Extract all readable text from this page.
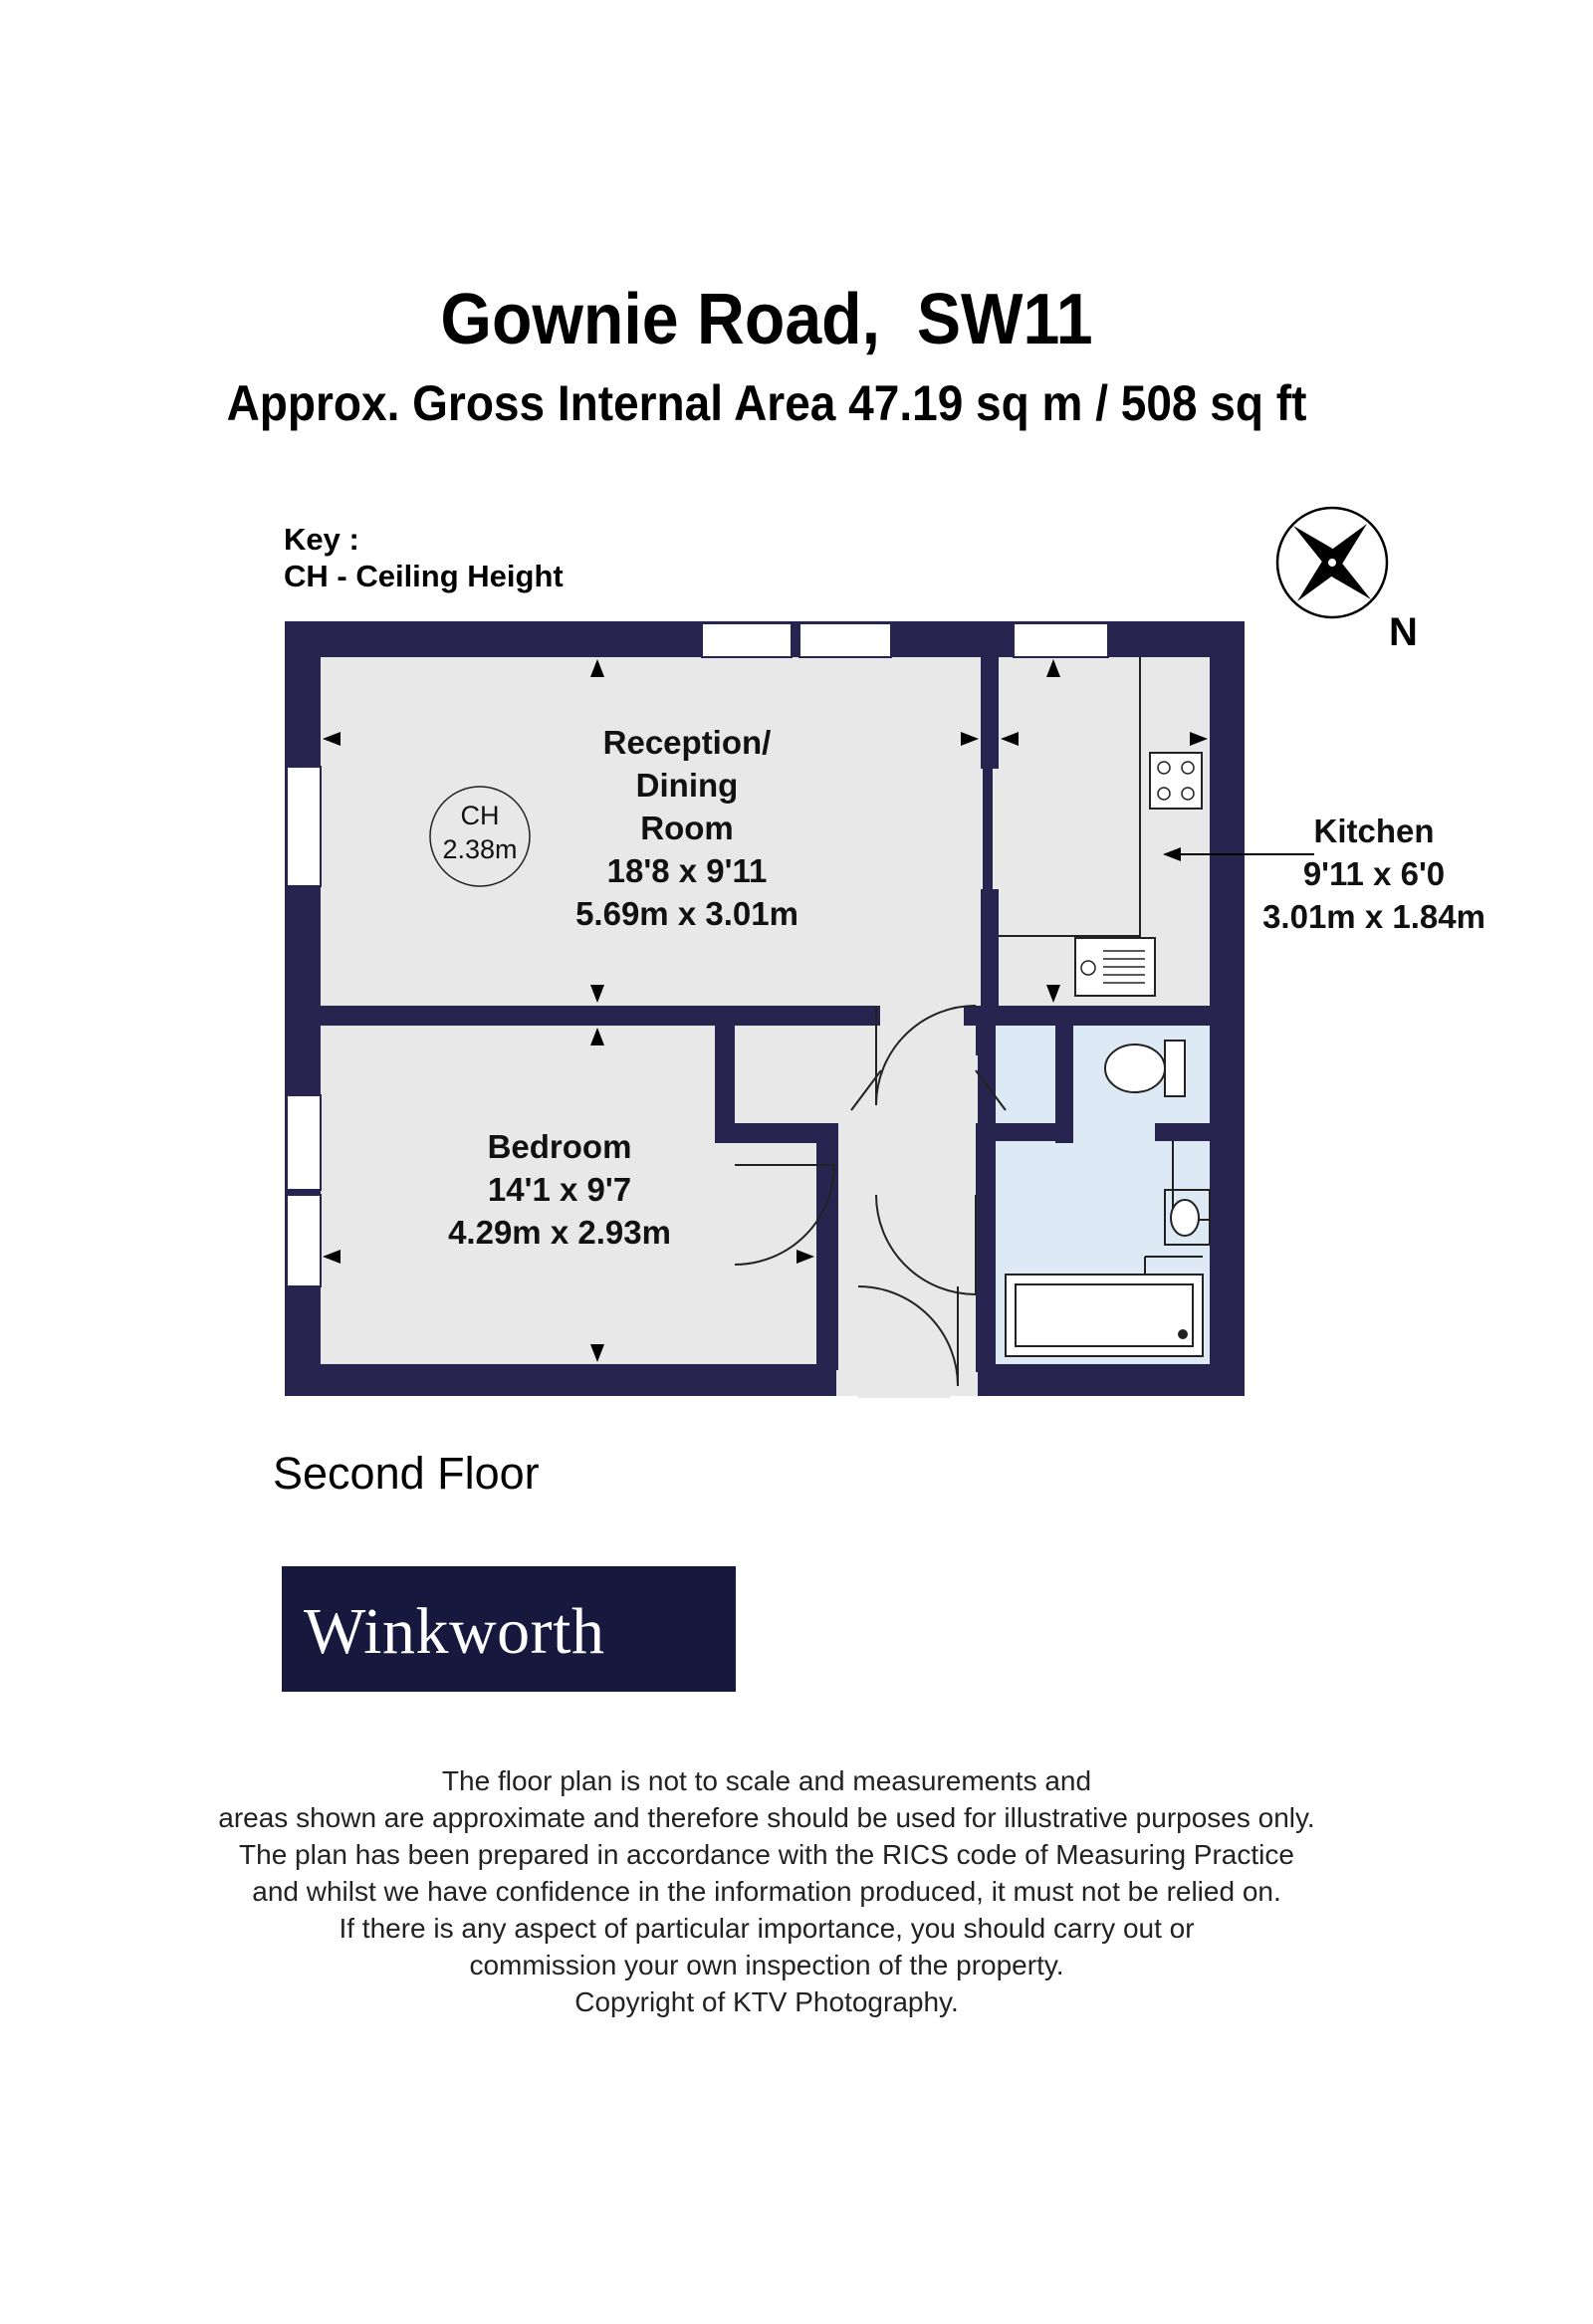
Gownie Road,  SW11
Approx. Gross Internal Area 47.19 sq m / 508 sq ft
Key :
CH - Ceiling Height
N
CH
2.38m
Reception/
Dining
Room
18'8 x 9'11
5.69m x 3.01m
Kitchen
9'11 x 6'0
3.01m x 1.84m
Bedroom
14'1 x 9'7
4.29m x 2.93m
Second Floor
Winkworth
The floor plan is not to scale and measurements and
areas shown are approximate and therefore should be used for illustrative purposes only.
The plan has been prepared in accordance with the RICS code of Measuring Practice
and whilst we have confidence in the information produced, it must not be relied on.
If there is any aspect of particular importance, you should carry out or
commission your own inspection of the property.
Copyright of KTV Photography.
